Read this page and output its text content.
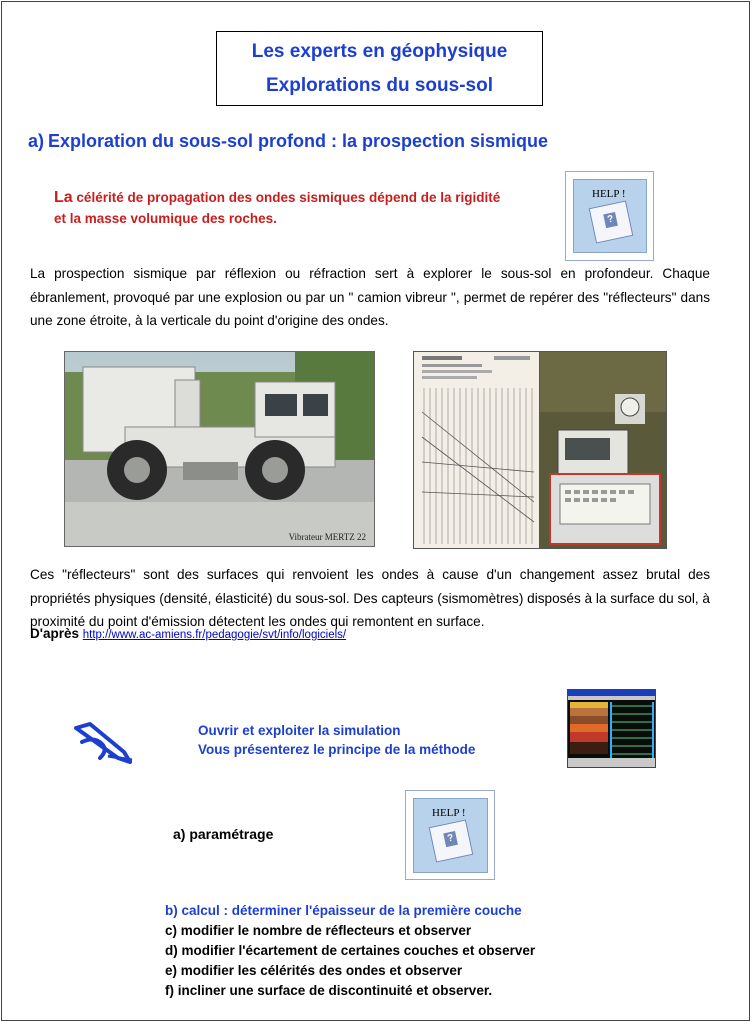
Les experts en géophysique
Explorations du sous-sol
a) Exploration du sous-sol profond : la prospection sismique
La célérité de propagation des ondes sismiques dépend de la rigidité
et la masse volumique des roches.
HELP !
?
La prospection sismique par réflexion ou réfraction sert à explorer le sous-sol en profondeur. Chaque ébranlement, provoqué par une explosion ou par un " camion vibreur ", permet de repérer des "réflecteurs" dans une zone étroite, à la verticale du point d'origine des ondes.
Vibrateur MERTZ 22
Ces "réflecteurs" sont des surfaces qui renvoient les ondes à cause d'un changement assez brutal des propriétés physiques (densité, élasticité) du sous-sol. Des capteurs (sismomètres) disposés à la surface du sol, à proximité du point d'émission détectent les ondes qui remontent en surface.
D'après http://www.ac-amiens.fr/pedagogie/svt/info/logiciels/
Ouvrir et exploiter la simulation
Vous présenterez le principe de la méthode
a) paramétrage
HELP !
?
b) calcul : déterminer l'épaisseur de la première couche
c) modifier le nombre de réflecteurs et observer
d) modifier l'écartement de certaines couches et observer
e) modifier les célérités des ondes et observer
f) incliner une surface de discontinuité et observer.
